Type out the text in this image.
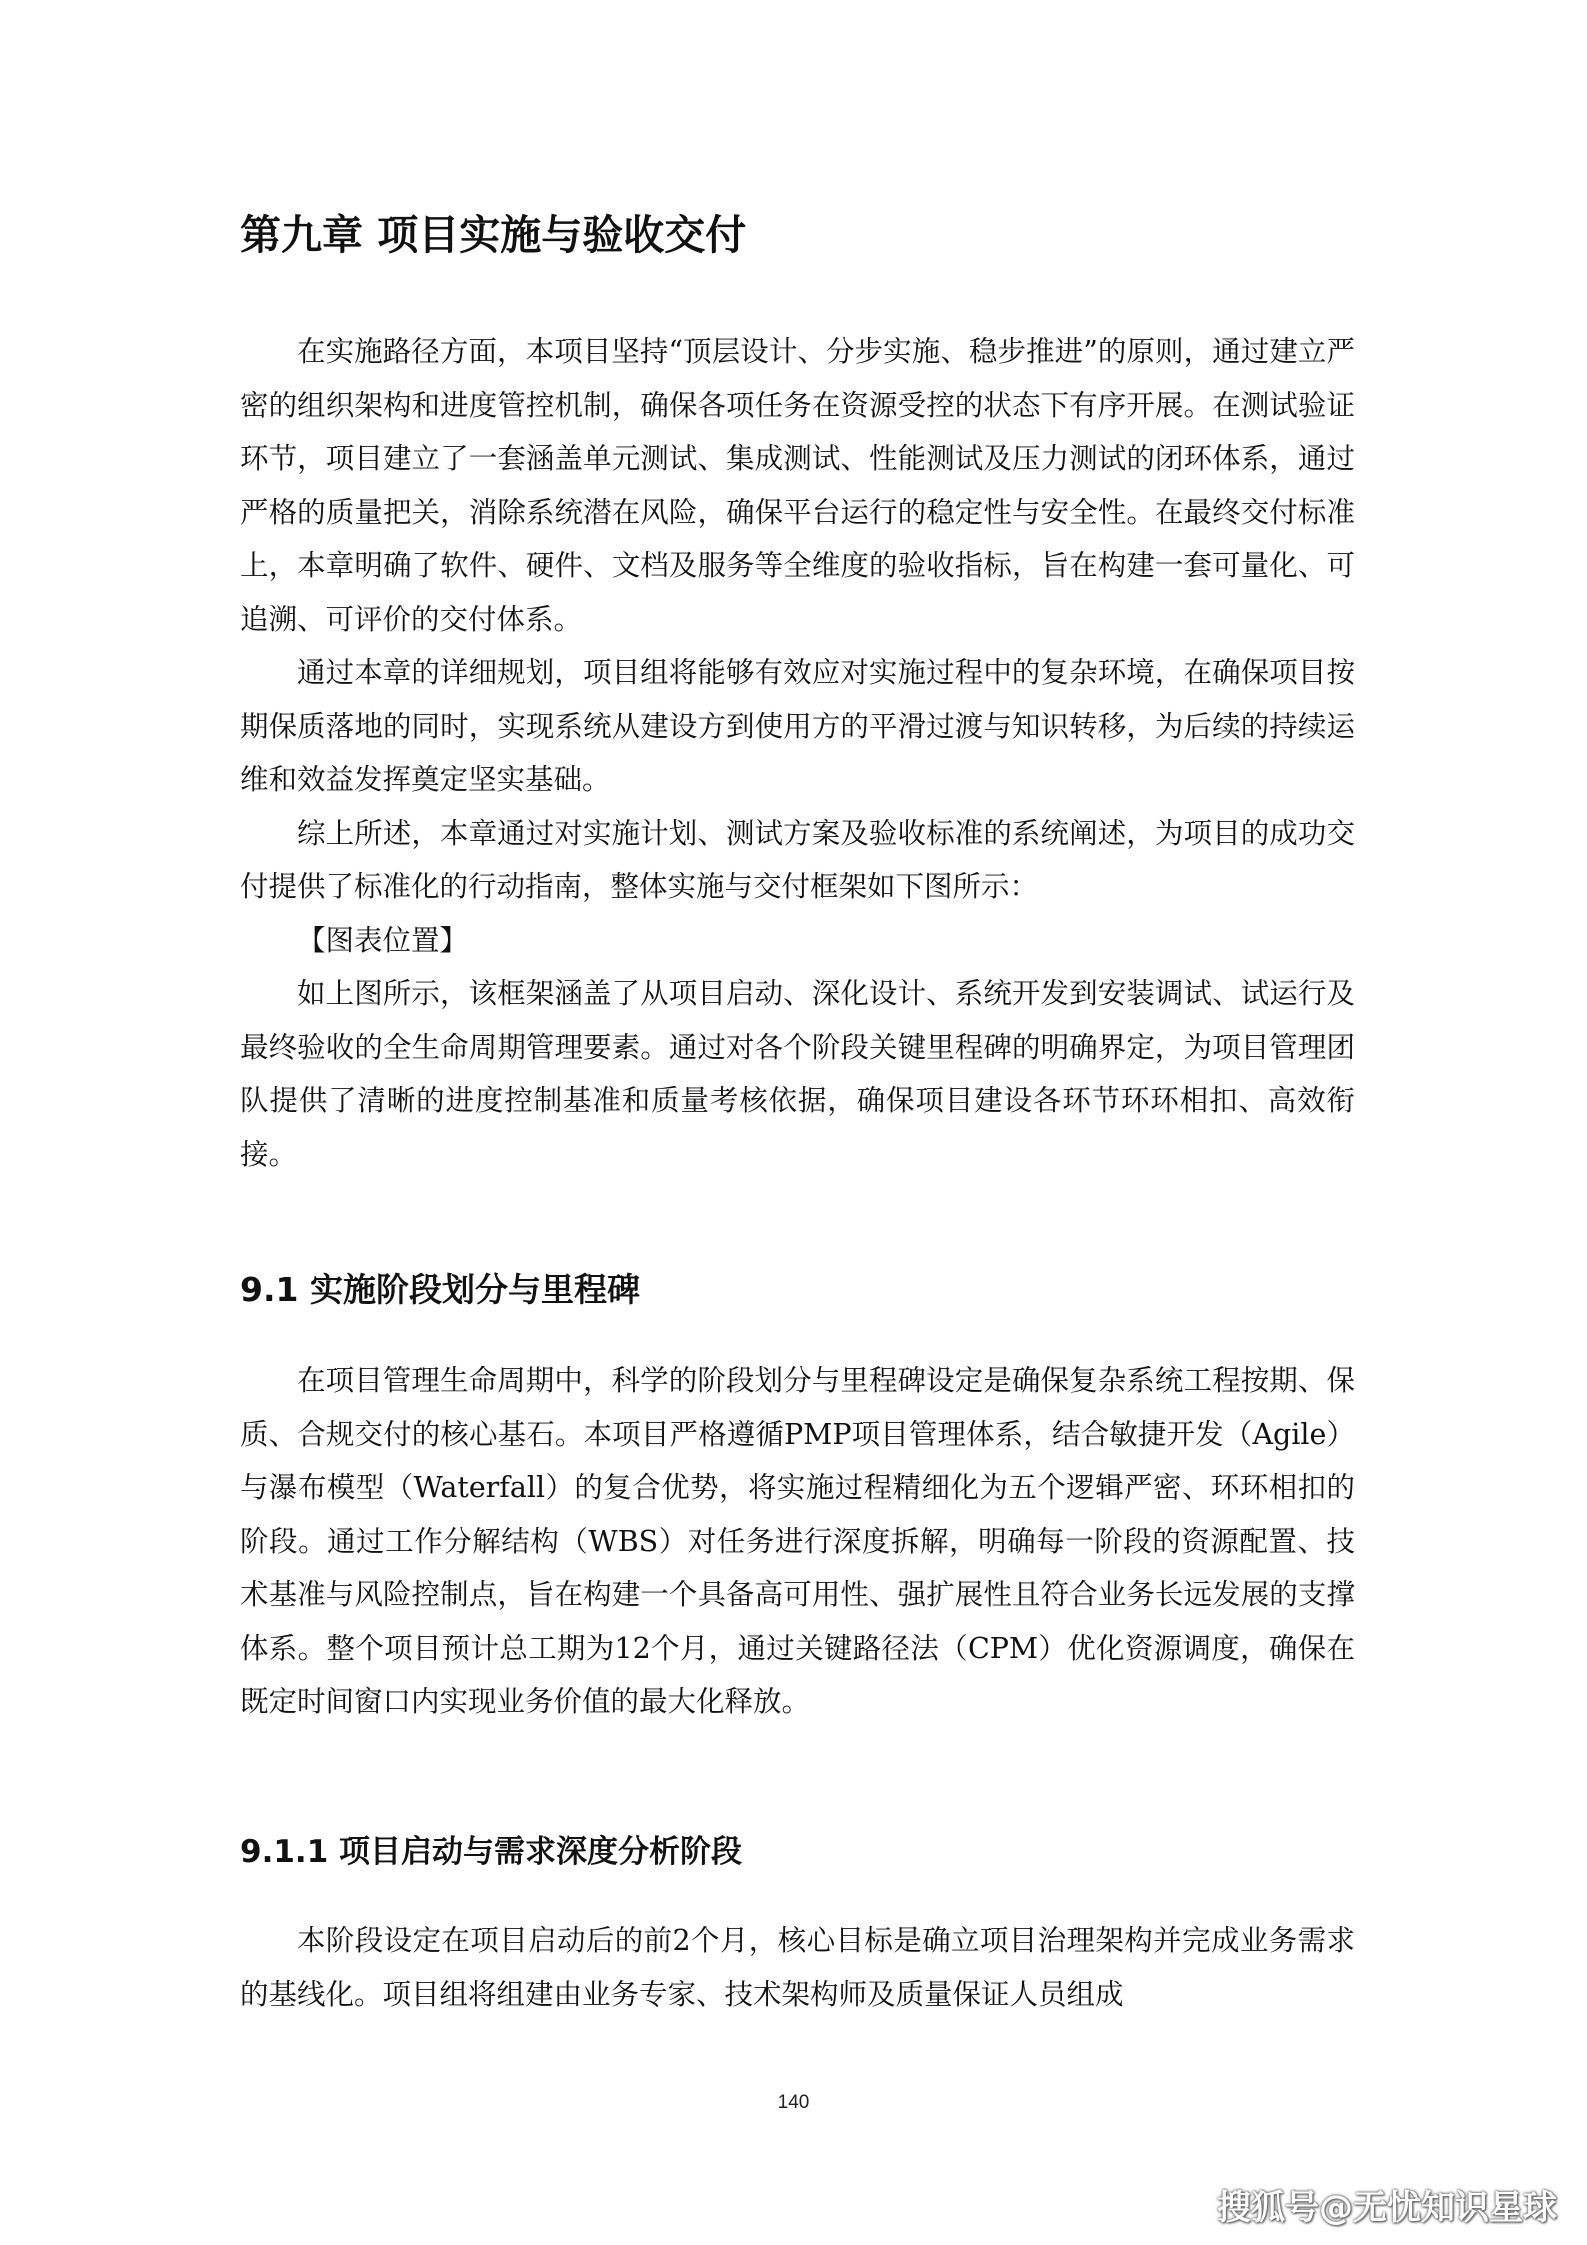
第九章 项目实施与验收交付

在实施路径方面，本项目坚持“顶层设计、分步实施、稳步推进”的原则，通过建立严密的组织架构和进度管控机制，确保各项任务在资源受控的状态下有序开展。在测试验证环节，项目建立了一套涵盖单元测试、集成测试、性能测试及压力测试的闭环体系，通过严格的质量把关，消除系统潜在风险，确保平台运行的稳定性与安全性。在最终交付标准上，本章明确了软件、硬件、文档及服务等全维度的验收指标，旨在构建一套可量化、可追溯、可评价的交付体系。

通过本章的详细规划，项目组将能够有效应对实施过程中的复杂环境，在确保项目按期保质落地的同时，实现系统从建设方到使用方的平滑过渡与知识转移，为后续的持续运维和效益发挥奠定坚实基础。

综上所述，本章通过对实施计划、测试方案及验收标准的系统阐述，为项目的成功交付提供了标准化的行动指南，整体实施与交付框架如下图所示：

【图表位置】

如上图所示，该框架涵盖了从项目启动、深化设计、系统开发到安装调试、试运行及最终验收的全生命周期管理要素。通过对各个阶段关键里程碑的明确界定，为项目管理团队提供了清晰的进度控制基准和质量考核依据，确保项目建设各环节环环相扣、高效衔接。

9.1 实施阶段划分与里程碑

在项目管理生命周期中，科学的阶段划分与里程碑设定是确保复杂系统工程按期、保质、合规交付的核心基石。本项目严格遵循PMP项目管理体系，结合敏捷开发（Agile）与瀑布模型（Waterfall）的复合优势，将实施过程精细化为五个逻辑严密、环环相扣的阶段。通过工作分解结构（WBS）对任务进行深度拆解，明确每一阶段的资源配置、技术基准与风险控制点，旨在构建一个具备高可用性、强扩展性且符合业务长远发展的支撑体系。整个项目预计总工期为12个月，通过关键路径法（CPM）优化资源调度，确保在既定时间窗口内实现业务价值的最大化释放。

9.1.1 项目启动与需求深度分析阶段

本阶段设定在项目启动后的前2个月，核心目标是确立项目治理架构并完成业务需求的基线化。项目组将组建由业务专家、技术架构师及质量保证人员组成

140
搜狐号@无忧知识星球
